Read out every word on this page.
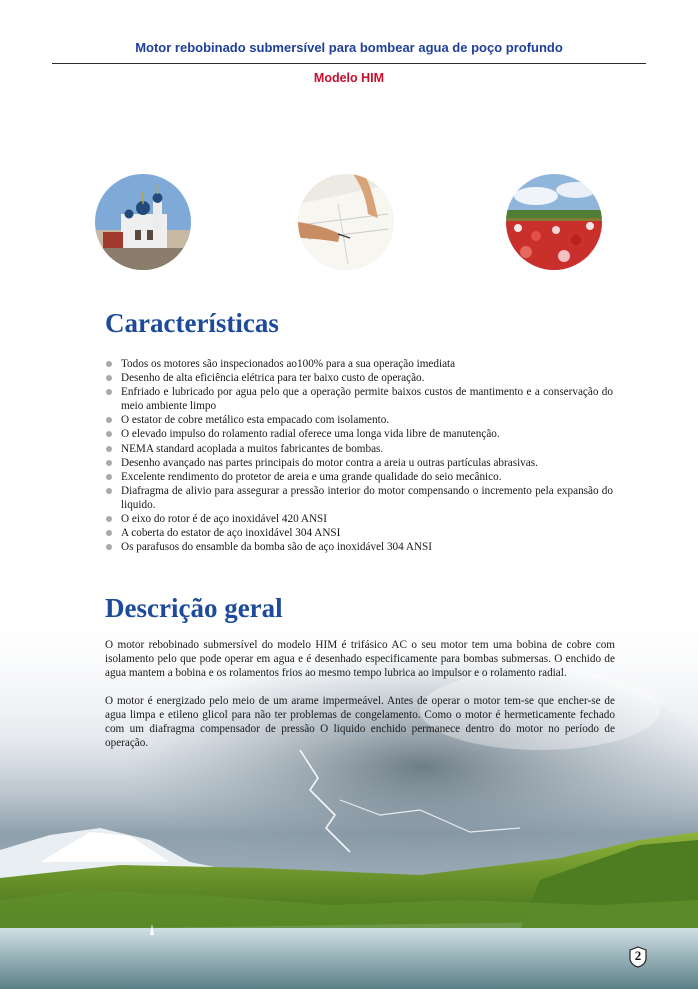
Motor rebobinado submersível para bombear agua de poço profundo
Modelo HIM
Características
Todos os motores são inspecionados ao100% para a sua operação imediata
Desenho de alta eficiência elétrica para ter baixo custo de operação.
Enfriado e lubricado por agua pelo que a operação permite baixos custos de mantimento e a conservação do meio ambiente limpo
O estator de cobre metálico esta empacado com isolamento.
O elevado impulso do rolamento radial oferece uma longa vida libre de manutenção.
NEMA standard acoplada a muitos fabricantes de bombas.
Desenho avançado nas partes principais do motor contra a areia u outras partículas abrasivas.
Excelente rendimento do protetor de areia e uma grande qualidade do seio mecânico.
Diafragma de alivio para assegurar a pressão interior do motor compensando o incremento pela expansão do liquido.
O eixo do rotor é de aço inoxidável 420 ANSI
A coberta do estator de aço inoxidável 304 ANSI
Os parafusos do ensamble da bomba são de aço inoxidável 304 ANSI
Descrição geral

O motor rebobinado submersível do modelo HIM é trifásico AC o seu motor tem uma bobina de cobre com isolamento pelo que pode operar em agua e é desenhado especificamente para bombas submersas. O enchido de agua mantem a bobina e os rolamentos frios ao mesmo tempo lubrica ao impulsor e o rolamento radial.

O motor é energizado pelo meio de um arame impermeável. Antes de operar o motor tem-se que encher-se de agua limpa e etileno glicol para não ter problemas de congelamento. Como o motor é hermeticamente fechado com um diafragma compensador de pressão O liquido enchido permanece dentro do motor no período de operação.

2
